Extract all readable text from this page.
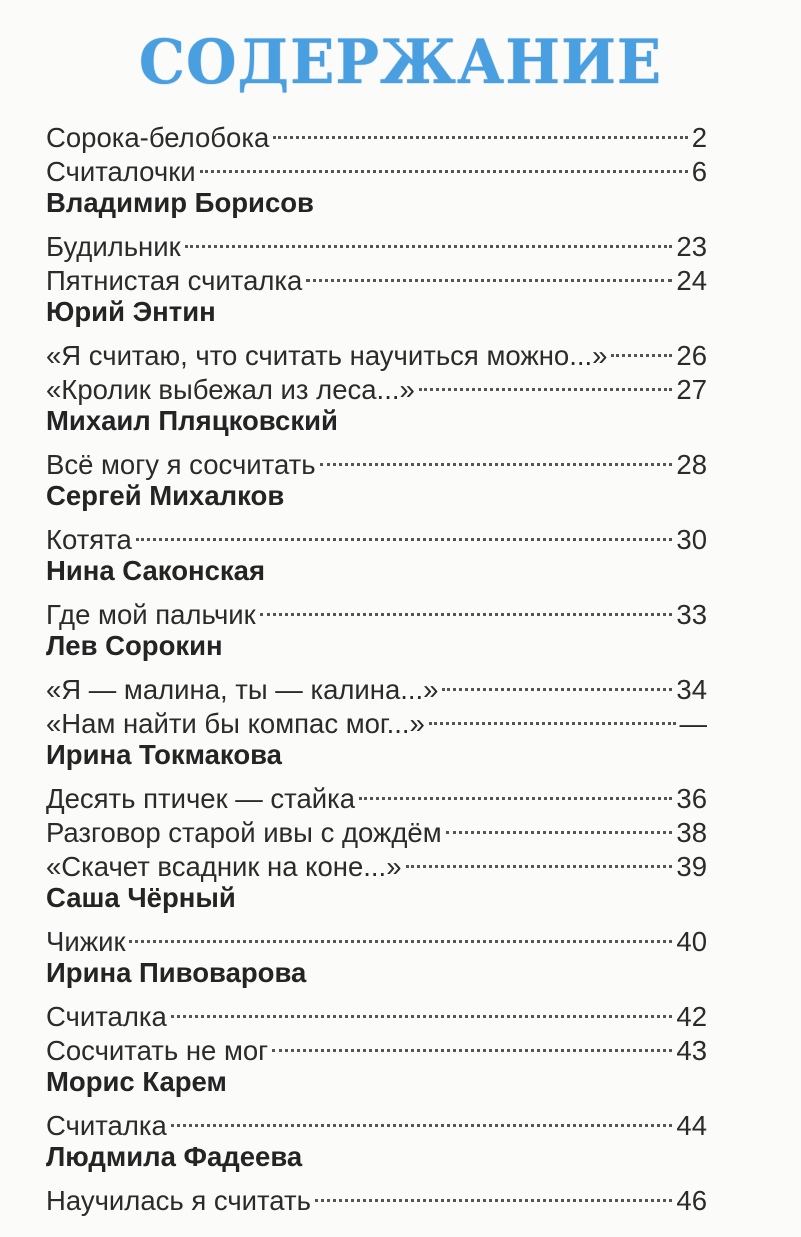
СОДЕРЖАНИЕ
Сорока-белобока	2
Считалочки	6
Владимир Борисов
Будильник	23
Пятнистая считалка	24
Юрий Энтин
«Я считаю, что считать научиться можно...»	26
«Кролик выбежал из леса...»	27
Михаил Пляцковский
Всё могу я сосчитать	28
Сергей Михалков
Котята	30
Нина Саконская
Где мой пальчик	33
Лев Сорокин
«Я — малина, ты — калина...»	34
«Нам найти бы компас мог...»	—
Ирина Токмакова
Десять птичек — стайка	36
Разговор старой ивы с дождём	38
«Скачет всадник на коне...»	39
Саша Чёрный
Чижик	40
Ирина Пивоварова
Считалка	42
Сосчитать не мог	43
Морис Карем
Считалка	44
Людмила Фадеева
Научилась я считать	46
